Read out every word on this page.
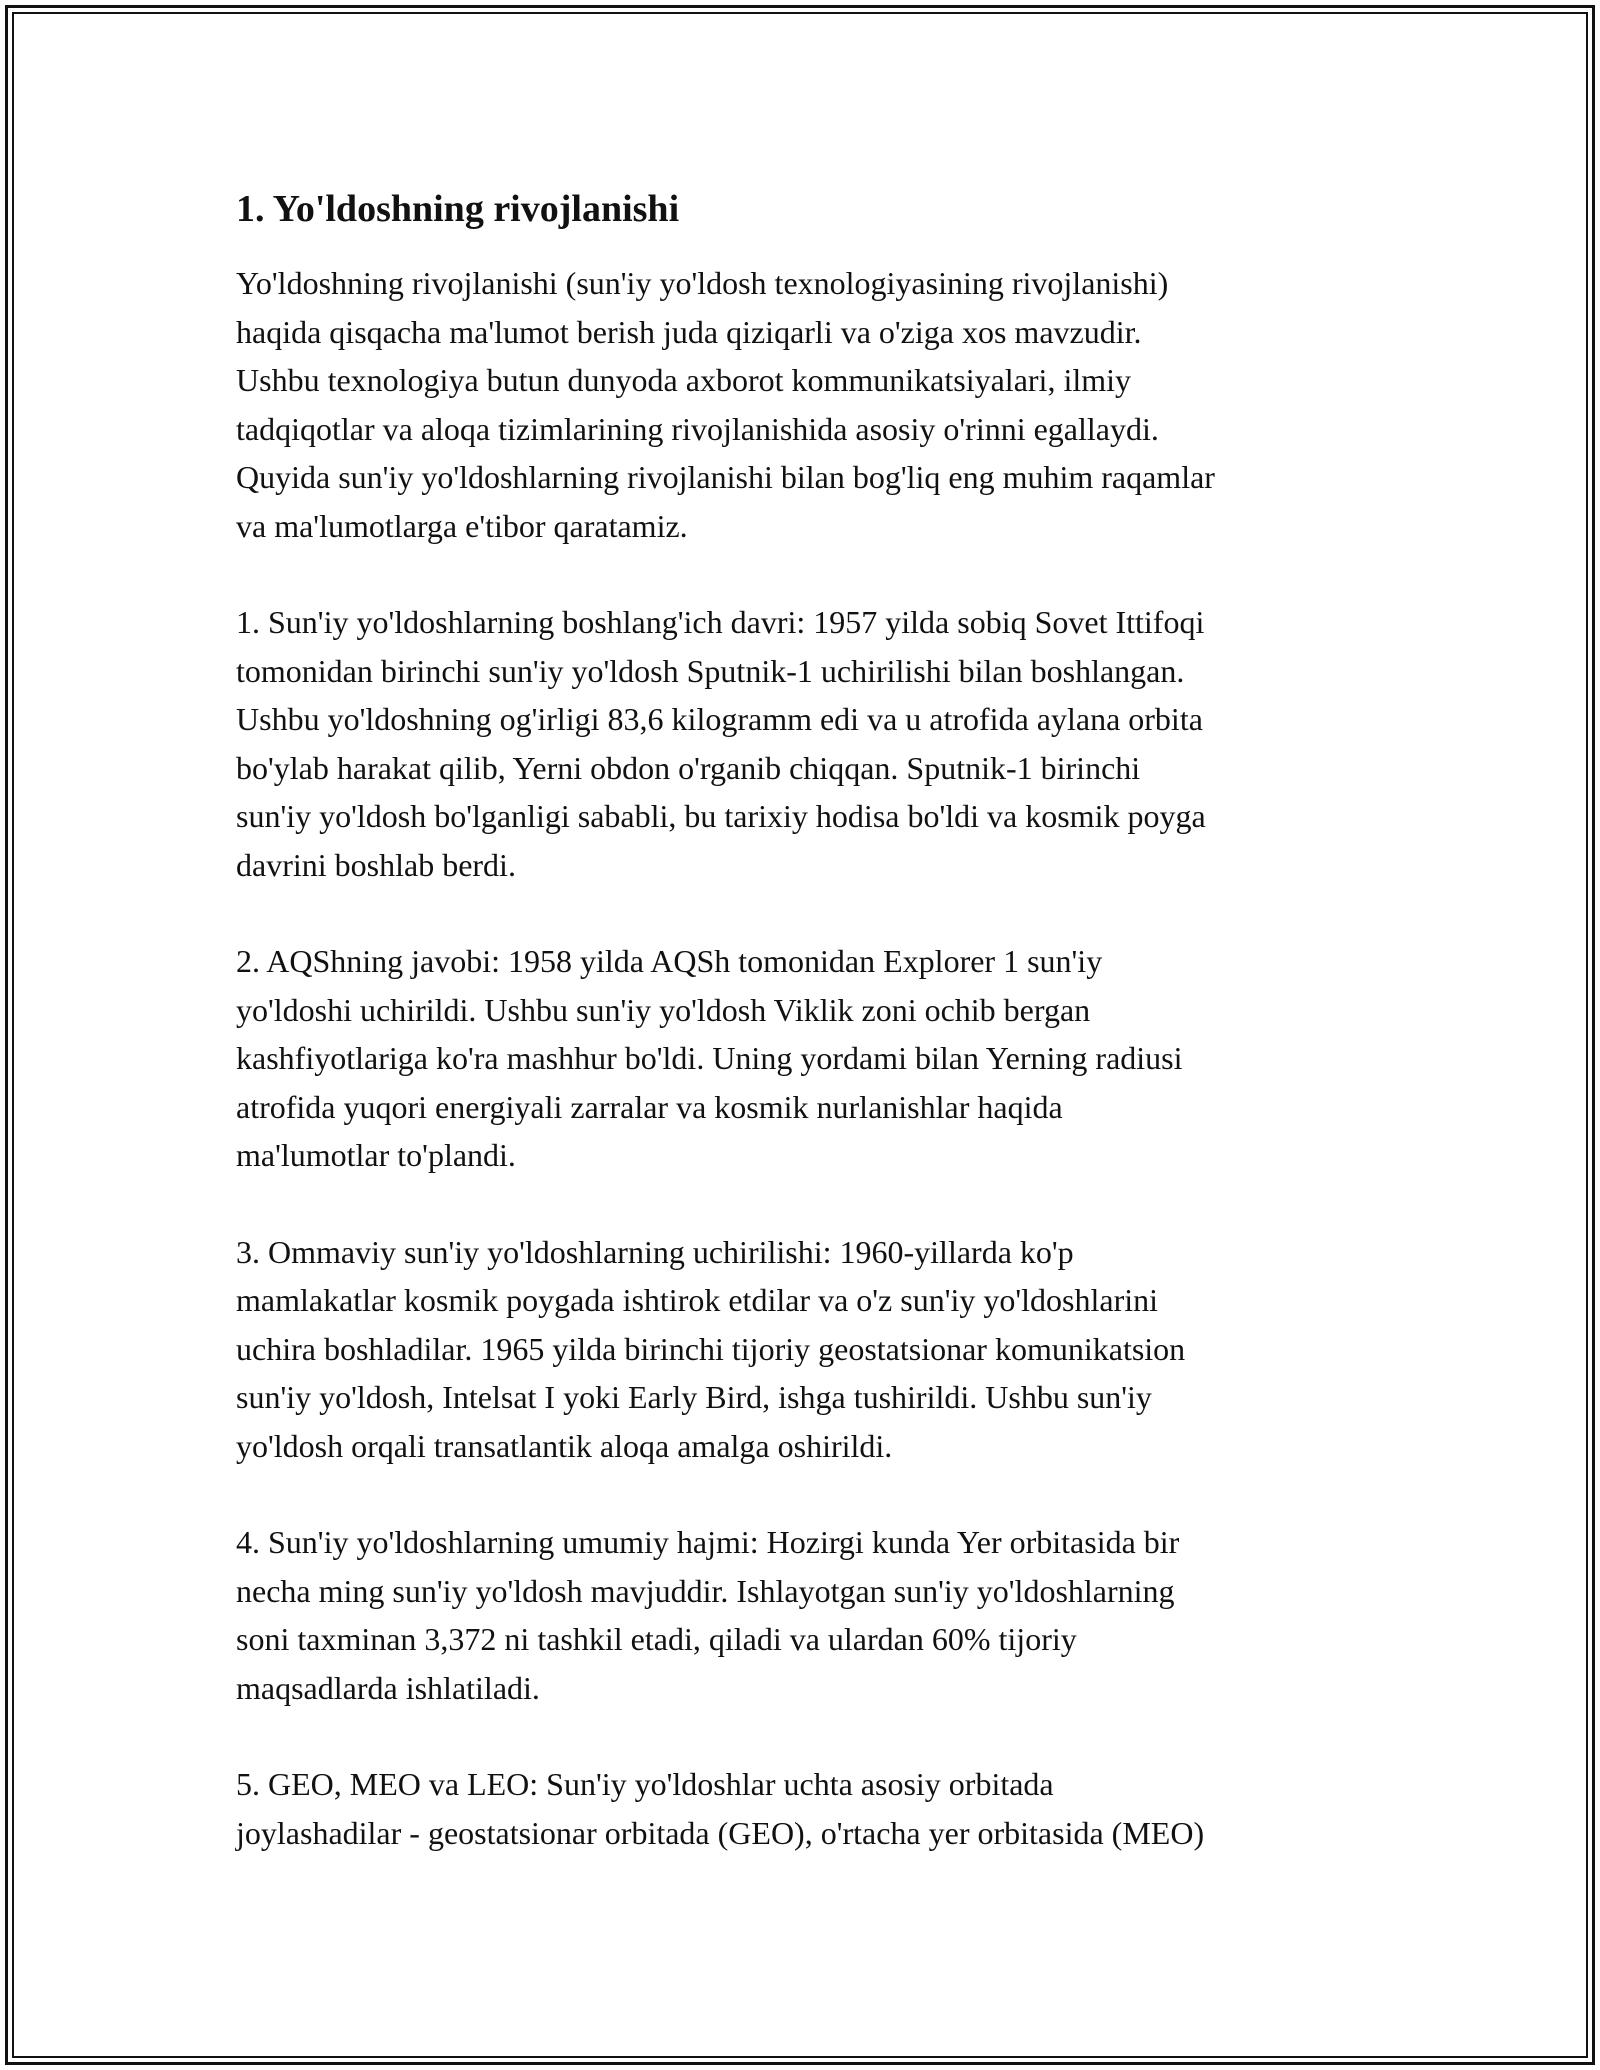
1. Yo'ldoshning rivojlanishi

Yo'ldoshning rivojlanishi (sun'iy yo'ldosh texnologiyasining rivojlanishi)
haqida qisqacha ma'lumot berish juda qiziqarli va o'ziga xos mavzudir.
Ushbu texnologiya butun dunyoda axborot kommunikatsiyalari, ilmiy
tadqiqotlar va aloqa tizimlarining rivojlanishida asosiy o'rinni egallaydi.
Quyida sun'iy yo'ldoshlarning rivojlanishi bilan bog'liq eng muhim raqamlar
va ma'lumotlarga e'tibor qaratamiz.

1. Sun'iy yo'ldoshlarning boshlang'ich davri: 1957 yilda sobiq Sovet Ittifoqi
tomonidan birinchi sun'iy yo'ldosh Sputnik-1 uchirilishi bilan boshlangan.
Ushbu yo'ldoshning og'irligi 83,6 kilogramm edi va u atrofida aylana orbita
bo'ylab harakat qilib, Yerni obdon o'rganib chiqqan. Sputnik-1 birinchi
sun'iy yo'ldosh bo'lganligi sababli, bu tarixiy hodisa bo'ldi va kosmik poyga
davrini boshlab berdi.

2. AQShning javobi: 1958 yilda AQSh tomonidan Explorer 1 sun'iy
yo'ldoshi uchirildi. Ushbu sun'iy yo'ldosh Viklik zoni ochib bergan
kashfiyotlariga ko'ra mashhur bo'ldi. Uning yordami bilan Yerning radiusi
atrofida yuqori energiyali zarralar va kosmik nurlanishlar haqida
ma'lumotlar to'plandi.

3. Ommaviy sun'iy yo'ldoshlarning uchirilishi: 1960-yillarda ko'p
mamlakatlar kosmik poygada ishtirok etdilar va o'z sun'iy yo'ldoshlarini
uchira boshladilar. 1965 yilda birinchi tijoriy geostatsionar komunikatsion
sun'iy yo'ldosh, Intelsat I yoki Early Bird, ishga tushirildi. Ushbu sun'iy
yo'ldosh orqali transatlantik aloqa amalga oshirildi.

4. Sun'iy yo'ldoshlarning umumiy hajmi: Hozirgi kunda Yer orbitasida bir
necha ming sun'iy yo'ldosh mavjuddir. Ishlayotgan sun'iy yo'ldoshlarning
soni taxminan 3,372 ni tashkil etadi, qiladi va ulardan 60% tijoriy
maqsadlarda ishlatiladi.

5. GEO, MEO va LEO: Sun'iy yo'ldoshlar uchta asosiy orbitada
joylashadilar - geostatsionar orbitada (GEO), o'rtacha yer orbitasida (MEO)
